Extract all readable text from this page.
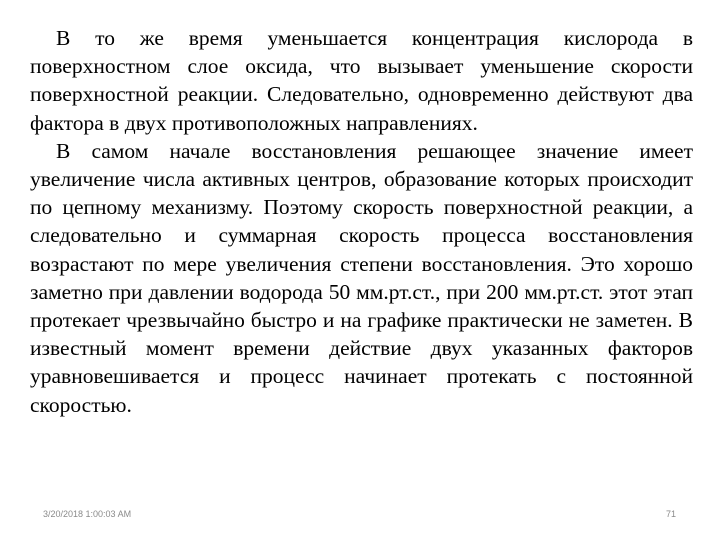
В то же время уменьшается концентрация кислорода в поверхностном слое оксида, что вызывает уменьшение скорости поверхностной реакции. Следовательно, одновременно действуют два фактора в двух противоположных направлениях.

В самом начале восстановления решающее значение имеет увеличение числа активных центров, образование которых происходит по цепному механизму. Поэтому скорость поверхностной реакции, а следовательно и суммарная скорость процесса восстановления возрастают по мере увеличения степени восстановления. Это хорошо заметно при давлении водорода 50 мм.рт.ст., при 200 мм.рт.ст. этот этап протекает чрезвычайно быстро и на графике практически не заметен. В известный момент времени действие двух указанных факторов уравновешивается и процесс начинает протекать с постоянной скоростью.

3/20/2018 1:00:03 AM	71
